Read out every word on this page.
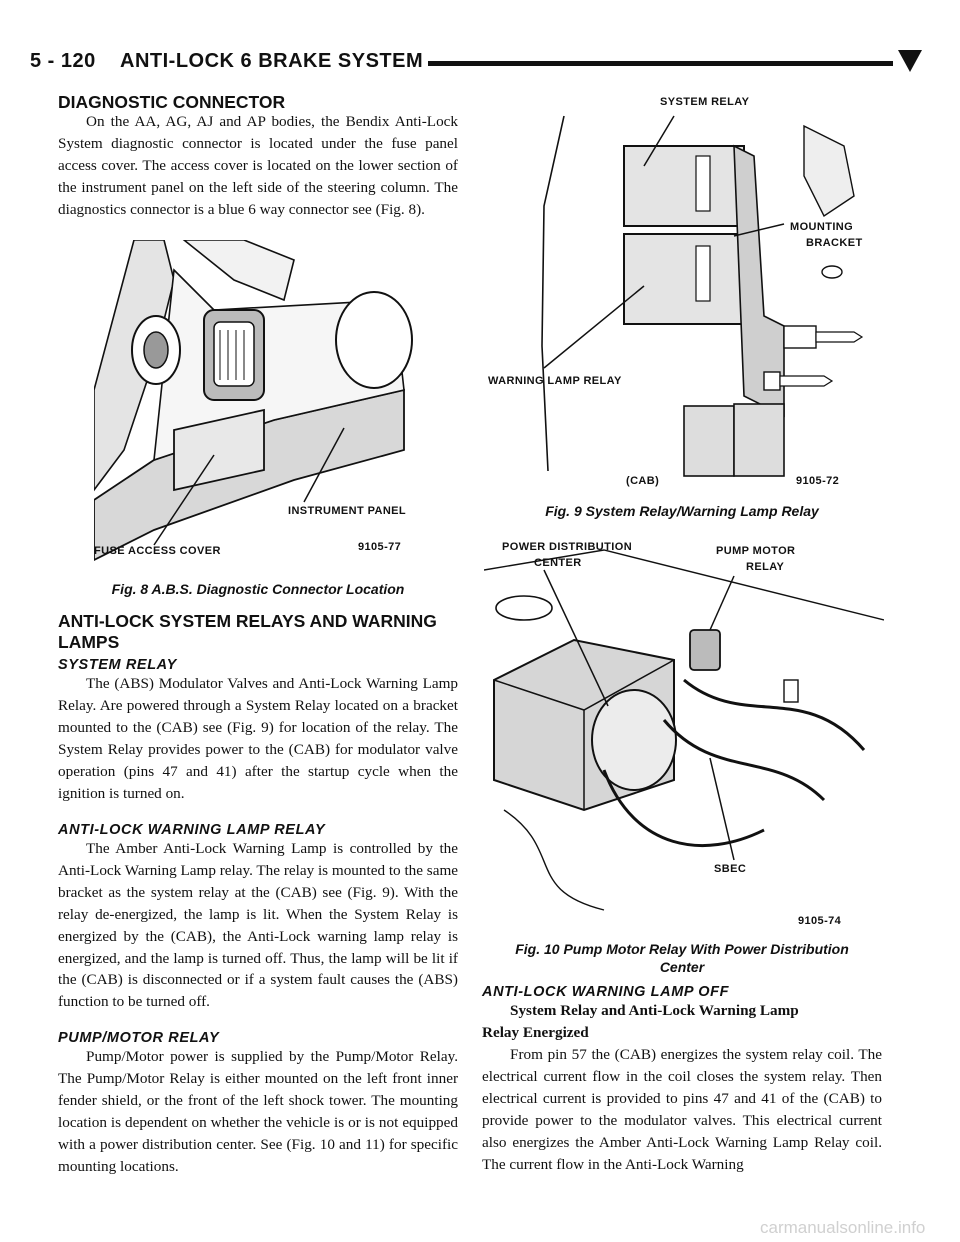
5 - 120 ANTI-LOCK 6 BRAKE SYSTEM
DIAGNOSTIC CONNECTOR
On the AA, AG, AJ and AP bodies, the Bendix Anti-Lock System diagnostic connector is located under the fuse panel access cover. The access cover is located on the lower section of the instrument panel on the left side of the steering column. The diagnostics connector is a blue 6 way connector see (Fig. 8).
INSTRUMENT PANEL
FUSE ACCESS COVER	9105-77
Fig. 8 A.B.S. Diagnostic Connector Location
ANTI-LOCK SYSTEM RELAYS AND WARNING LAMPS
SYSTEM RELAY
The (ABS) Modulator Valves and Anti-Lock Warning Lamp Relay. Are powered through a System Relay located on a bracket mounted to the (CAB) see (Fig. 9) for location of the relay. The System Relay provides power to the (CAB) for modulator valve operation (pins 47 and 41) after the startup cycle when the ignition is turned on.
ANTI-LOCK WARNING LAMP RELAY
The Amber Anti-Lock Warning Lamp is controlled by the Anti-Lock Warning Lamp relay. The relay is mounted to the same bracket as the system relay at the (CAB) see (Fig. 9). With the relay de-energized, the lamp is lit. When the System Relay is energized by the (CAB), the Anti-Lock warning lamp relay is energized, and the lamp is turned off. Thus, the lamp will be lit if the (CAB) is disconnected or if a system fault causes the (ABS) function to be turned off.
PUMP/MOTOR RELAY
Pump/Motor power is supplied by the Pump/Motor Relay. The Pump/Motor Relay is either mounted on the left front inner fender shield, or the front of the left shock tower. The mounting location is dependent on whether the vehicle is or is not equipped with a power distribution center. See (Fig. 10 and 11) for specific mounting locations.
SYSTEM RELAY
MOUNTING
BRACKET
WARNING LAMP RELAY
(CAB)	9105-72
Fig. 9 System Relay/Warning Lamp Relay
POWER DISTRIBUTION
CENTER
PUMP MOTOR
RELAY
SBEC
9105-74
Fig. 10 Pump Motor Relay With Power Distribution
Center
ANTI-LOCK WARNING LAMP OFF
System Relay and Anti-Lock Warning Lamp
Relay Energized
From pin 57 the (CAB) energizes the system relay coil. The electrical current flow in the coil closes the system relay. Then electrical current is provided to pins 47 and 41 of the (CAB) to provide power to the modulator valves. This electrical current also energizes the Amber Anti-Lock Warning Lamp Relay coil. The current flow in the Anti-Lock Warning
carmanualsonline.info
